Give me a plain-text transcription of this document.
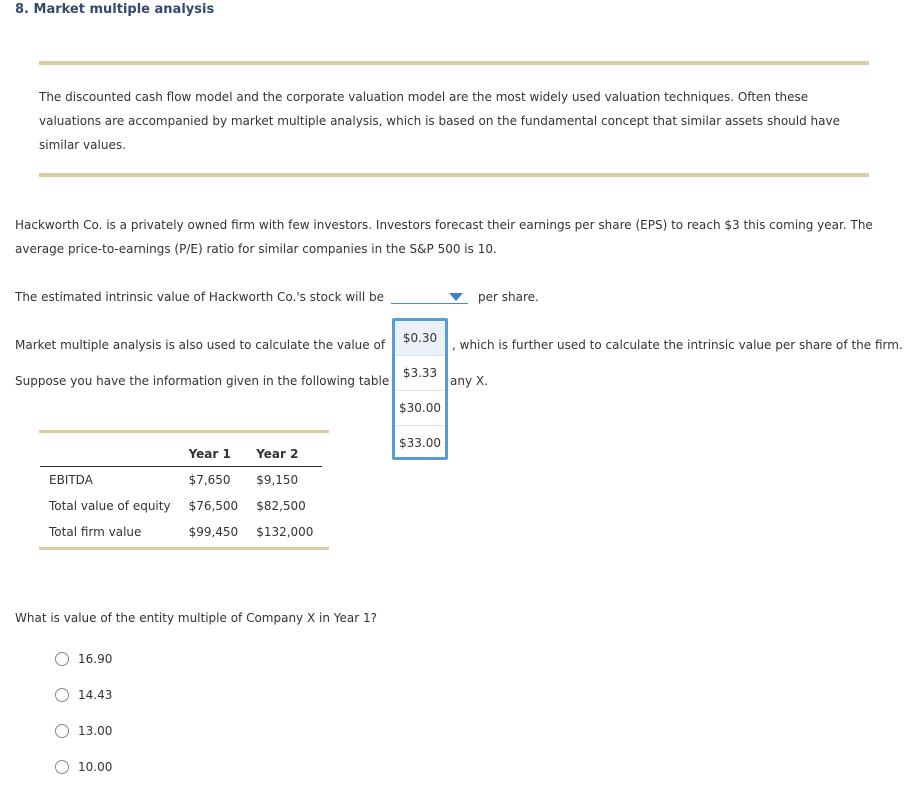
8. Market multiple analysis
The discounted cash flow model and the corporate valuation model are the most widely used valuation techniques. Often these valuations are accompanied by market multiple analysis, which is based on the fundamental concept that similar assets should have similar values.
Hackworth Co. is a privately owned firm with few investors. Investors forecast their earnings per share (EPS) to reach $3 this coming year. The average price-to-earnings (P/E) ratio for similar companies in the S&P 500 is 10.
The estimated intrinsic value of Hackworth Co.'s stock will be	per share.
Market multiple analysis is also used to calculate the value of	, which is further used to calculate the intrinsic value per share of the firm.
Suppose you have the information given in the following table	any X.
$0.30
$3.33
$30.00
$33.00
	Year 1	Year 2
EBITDA	$7,650	$9,150
Total value of equity	$76,500	$82,500
Total firm value	$99,450	$132,000
What is value of the entity multiple of Company X in Year 1?
16.90
14.43
13.00
10.00
